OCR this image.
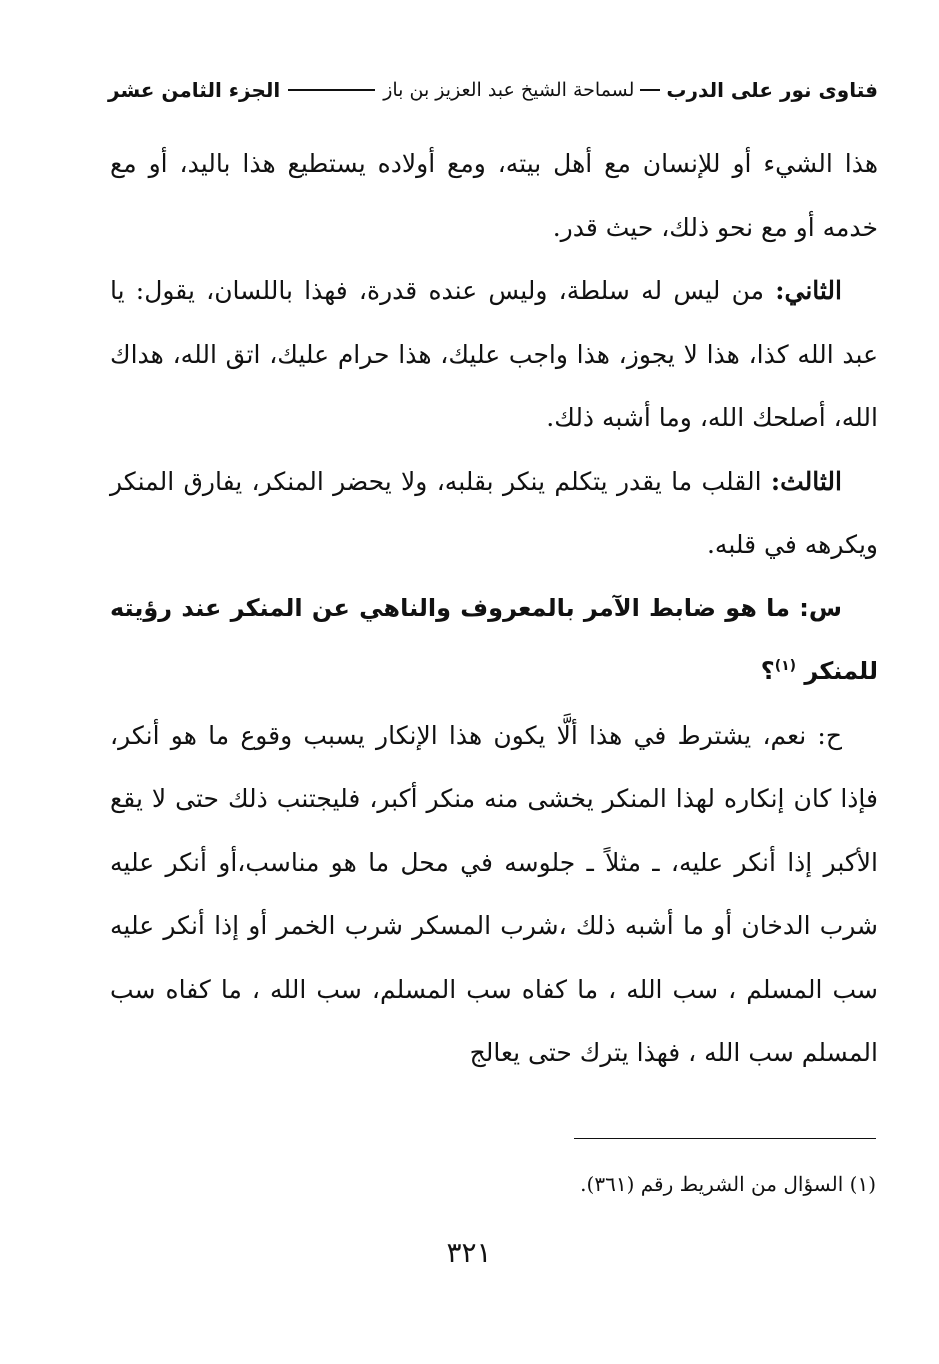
فتاوى نور على الدرب
لسماحة الشيخ عبد العزيز بن باز
الجزء الثامن عشر

هذا الشيء أو للإنسان مع أهل بيته، ومع أولاده يستطيع هذا باليد، أو مع خدمه أو مع نحو ذلك، حيث قدر.

الثاني: من ليس له سلطة، وليس عنده قدرة، فهذا باللسان، يقول: يا عبد الله كذا، هذا لا يجوز، هذا واجب عليك، هذا حرام عليك، اتق الله، هداك الله، أصلحك الله، وما أشبه ذلك.

الثالث: القلب ما يقدر يتكلم ينكر بقلبه، ولا يحضر المنكر، يفارق المنكر ويكرهه في قلبه.

س: ما هو ضابط الآمر بالمعروف والناهي عن المنكر عند رؤيته للمنكر $^{(١)}$؟

ح: نعم، يشترط في هذا ألَّا يكون هذا الإنكار يسبب وقوع ما هو أنكر، فإذا كان إنكاره لهذا المنكر يخشى منه منكر أكبر، فليجتنب ذلك حتى لا يقع الأكبر إذا أنكر عليه، ـ مثلاً ـ جلوسه في محل ما هو مناسب،أو أنكر عليه شرب الدخان أو ما أشبه ذلك ،شرب المسكر شرب الخمر أو إذا أنكر عليه سب المسلم ، سب الله ، ما كفاه سب المسلم، سب الله ، ما كفاه سب المسلم سب الله ، فهذا يترك حتى يعالج

(١) السؤال من الشريط رقم (٣٦١).
٣٢١
